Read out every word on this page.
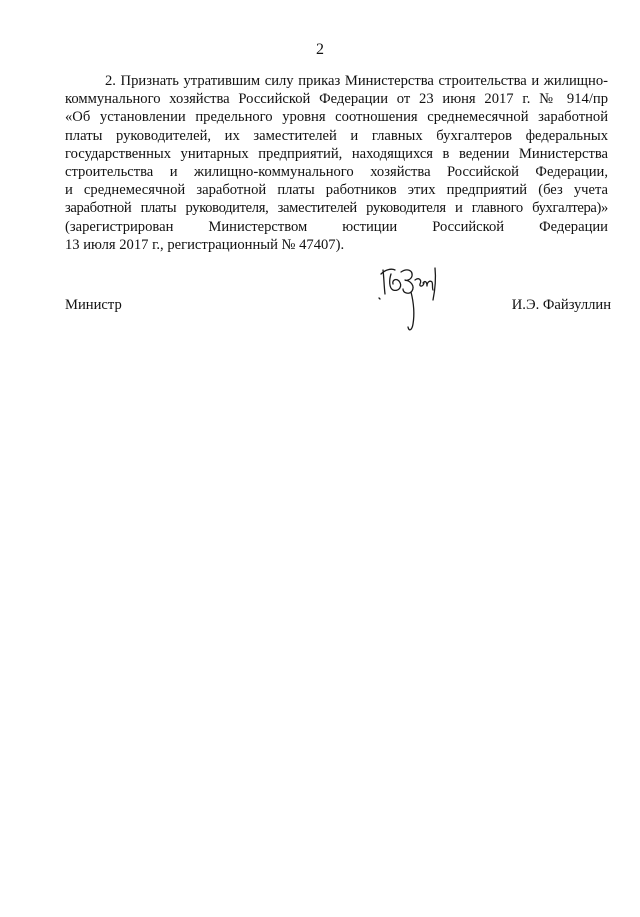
2
2. Признать утратившим силу приказ Министерства строительства и жилищно-
коммунального хозяйства Российской Федерации от 23 июня 2017 г. № 914/пр
«Об установлении предельного уровня соотношения среднемесячной заработной
платы руководителей, их заместителей и главных бухгалтеров федеральных
государственных унитарных предприятий, находящихся в ведении Министерства
строительства и жилищно-коммунального хозяйства Российской Федерации,
и среднемесячной заработной платы работников этих предприятий (без учета
заработной платы руководителя, заместителей руководителя и главного бухгалтера)»
(зарегистрирован Министерством юстиции Российской Федерации
13 июля 2017 г., регистрационный № 47407).
Министр	И.Э. Файзуллин
